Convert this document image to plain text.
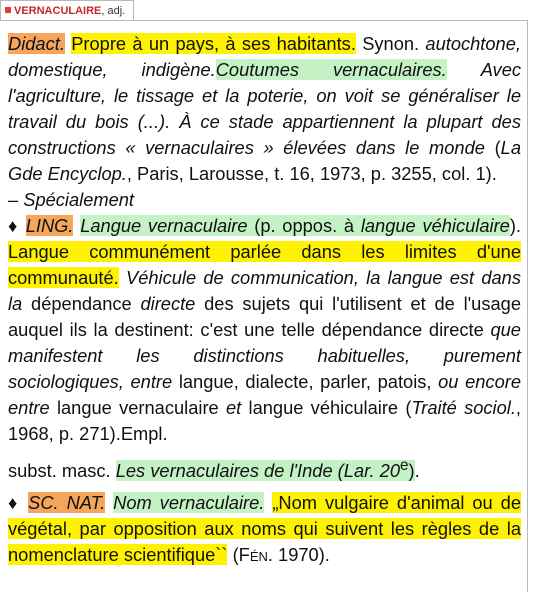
VERNACULAIRE, adj.

Didact. Propre à un pays, à ses habitants. Synon. autochtone, domestique, indigène.Coutumes vernaculaires. Avec l'agriculture, le tissage et la poterie, on voit se généraliser le travail du bois (...). À ce stade appartiennent la plupart des constructions « vernaculaires » élevées dans le monde (La Gde Encyclop., Paris, Larousse, t. 16, 1973, p. 3255, col. 1).

– Spécialement

♦ LING. Langue vernaculaire (p. oppos. à langue véhiculaire). Langue communément parlée dans les limites d'une communauté. Véhicule de communication, la langue est dans la dépendance directe des sujets qui l'utilisent et de l'usage auquel ils la destinent: c'est une telle dépendance directe que manifestent les distinctions habituelles, purement sociologiques, entre langue, dialecte, parler, patois, ou encore entre langue vernaculaire et langue véhiculaire (Traité sociol., 1968, p. 271).Empl.

subst. masc. Les vernaculaires de l'Inde (Lar. 20e).

♦ SC. NAT. Nom vernaculaire. „Nom vulgaire d'animal ou de végétal, par opposition aux noms qui suivent les règles de la nomenclature scientifique`` (Fén. 1970).
